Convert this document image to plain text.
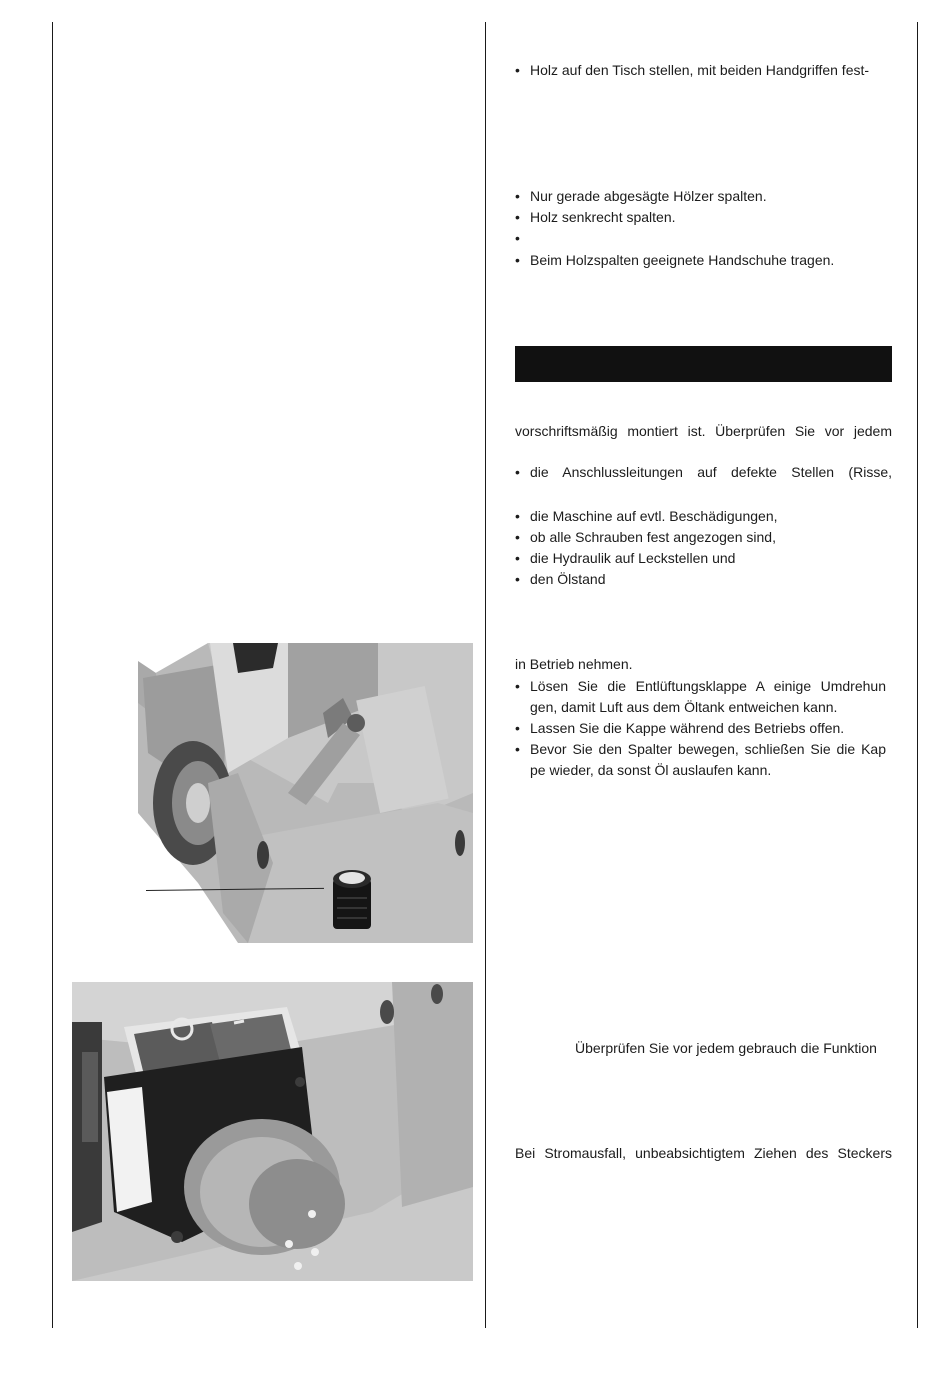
• Holz auf den Tisch stellen, mit beiden Handgriffen fest-
• Nur gerade abgesägte Hölzer spalten.
• Holz senkrecht spalten.
•
• Beim Holzspalten geeignete Handschuhe tragen.
vorschriftsmäßig montiert ist. Überprüfen Sie vor jedem
• die Anschlussleitungen auf defekte Stellen (Risse,
• die Maschine auf evtl. Beschädigungen,
• ob alle Schrauben fest angezogen sind,
• die Hydraulik auf Leckstellen und
• den Ölstand
in Betrieb nehmen.
• Lösen Sie die Entlüftungsklappe A einige Umdrehun
gen, damit Luft aus dem Öltank entweichen kann.
• Lassen Sie die Kappe während des Betriebs offen.
• Bevor Sie den Spalter bewegen, schließen Sie die Kap
pe wieder, da sonst Öl auslaufen kann.
Überprüfen Sie vor jedem gebrauch die Funktion
Bei Stromausfall, unbeabsichtigtem Ziehen des Steckers
